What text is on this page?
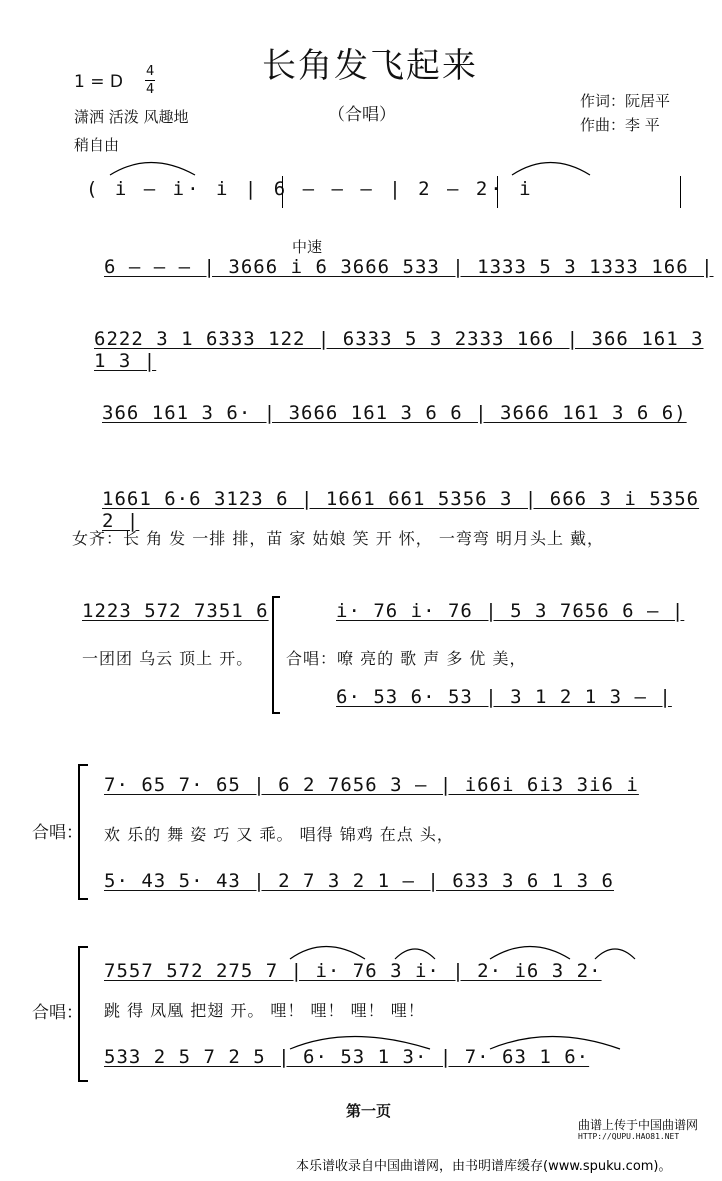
长角发飞起来
（合唱）
1 = D
4
4
潇洒 活泼 风趣地
稍自由
作词：阮居平
作曲：李 平
( i – i· i | 6 – – – | 2 – 2· i
中速
6 – – – | 3666 i 6 3666 533 | 1333 5 3 1333 166 |
6222 3 1 6333 122 | 6333 5 3 2333 166 | 366 161 3 1 3 |
366 161 3 6· | 3666 161 3 6 6 | 3666 161 3 6 6)
1661 6·6 3123 6 | 1661 661 5356 3 | 666 3 i 5356 2 |
女齐：长 角 发 一排 排，苗 家 姑娘 笑 开 怀， 一弯弯 明月头上 戴，
1223 572 7351 6
一团团 乌云 顶上 开。
i· 76 i· 76 | 5 3 7656 6 – |
合唱：嘹 亮的 歌 声 多 优 美，
6· 53 6· 53 | 3 1 2 1 3 – |
合唱：
7· 65 7· 65 | 6 2 7656 3 – | i66i 6i3 3i6 i
欢 乐的 舞 姿 巧 又 乖。 唱得 锦鸡 在点 头，
5· 43 5· 43 | 2 7 3 2 1 – | 633 3 6 1 3 6
合唱：
7557 572 275 7 | i· 76 3 i· | 2· i6 3 2·
跳 得 凤凰 把翅 开。 哩！ 哩！ 哩！ 哩！
533 2 5 7 2 5 | 6· 53 1 3· | 7· 63 1 6·
第一页
曲谱上传于中国曲谱网
HTTP://QUPU.HAO81.NET
本乐谱收录自中国曲谱网，由书明谱库缓存(www.spuku.com)。
